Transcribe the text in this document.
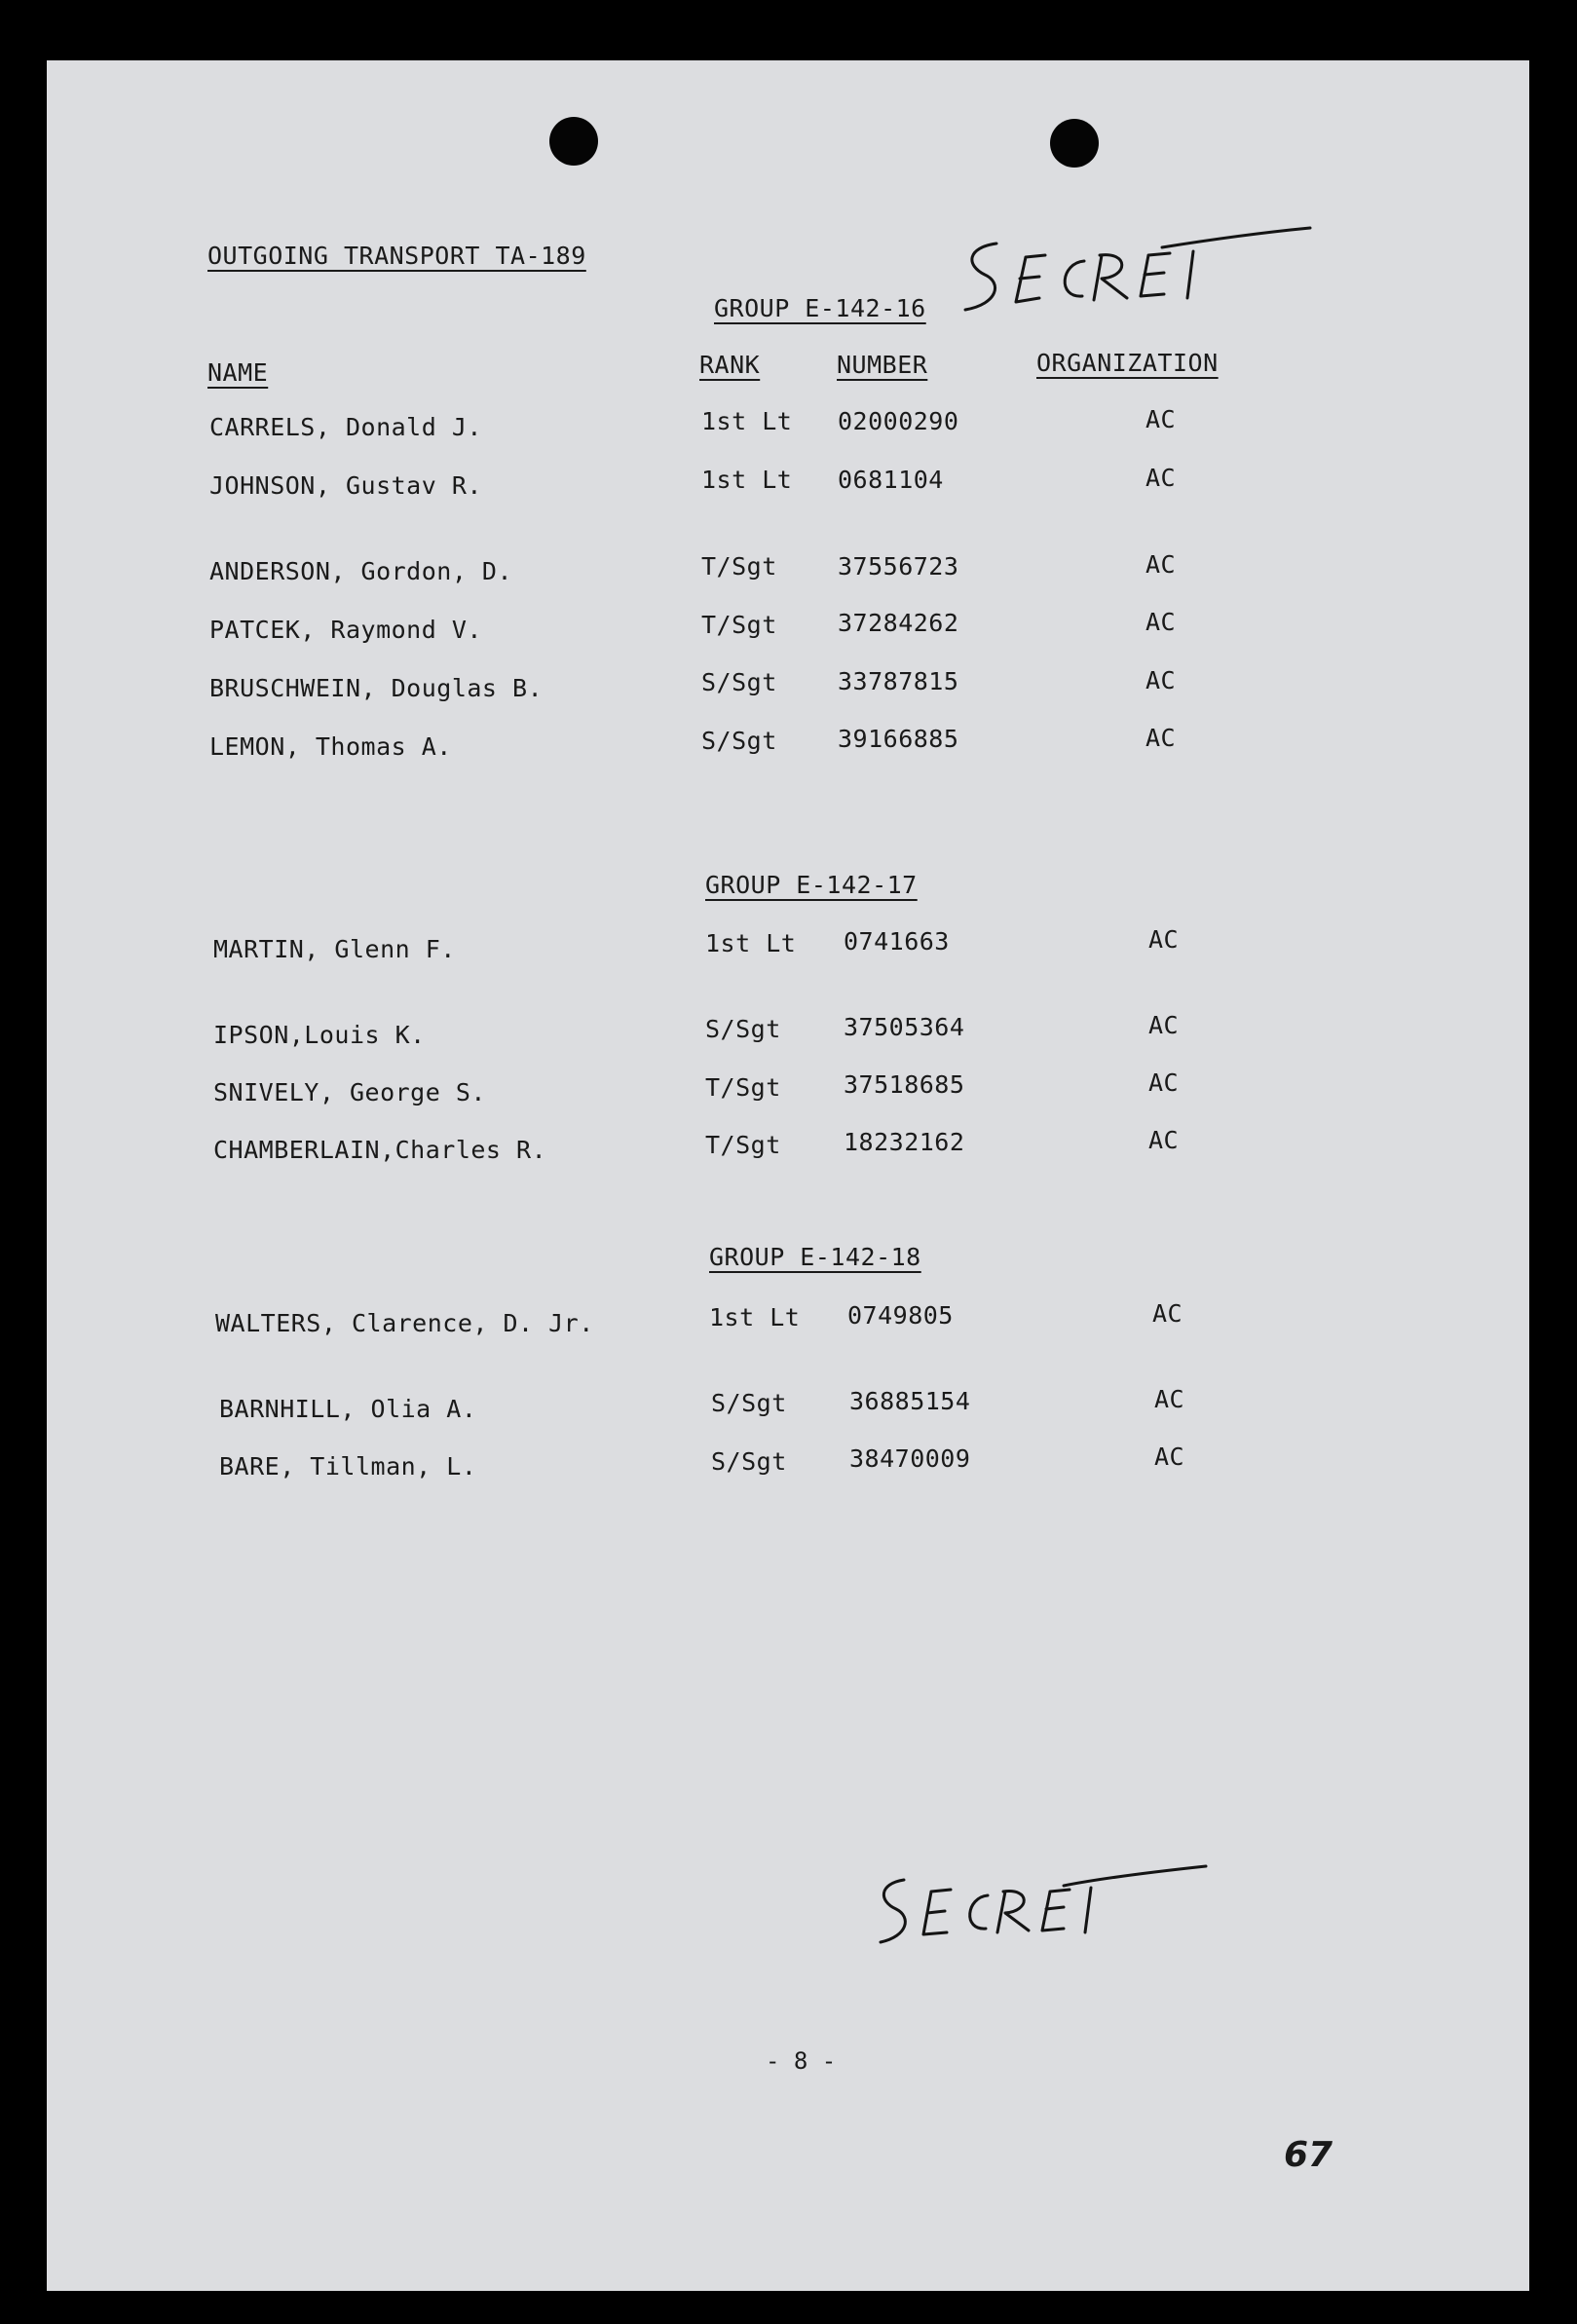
OUTGOING TRANSPORT TA-189
GROUP E-142-16
NAME	RANK	NUMBER	ORGANIZATION
CARRELS, Donald J.	1st Lt 02000290	AC
JOHNSON, Gustav R.	1st Lt 0681104	AC
ANDERSON, Gordon, D.	T/Sgt 37556723	AC
PATCEK, Raymond V.	T/Sgt 37284262	AC
BRUSCHWEIN, Douglas B.	S/Sgt 33787815	AC
LEMON, Thomas A.	S/Sgt 39166885	AC
GROUP E-142-17
MARTIN, Glenn F.	1st Lt 0741663	AC
IPSON,Louis K.	S/Sgt	37505364	AC
SNIVELY, George S.	T/Sgt	37518685	AC
CHAMBERLAIN,Charles R.	T/Sgt	18232162	AC
GROUP E-142-18
WALTERS, Clarence, D. Jr.	1st Lt 0749805	AC
BARNHILL, Olia A.	S/Sgt	36885154	AC
BARE, Tillman, L.	S/Sgt	38470009	AC
- 8 -
67
